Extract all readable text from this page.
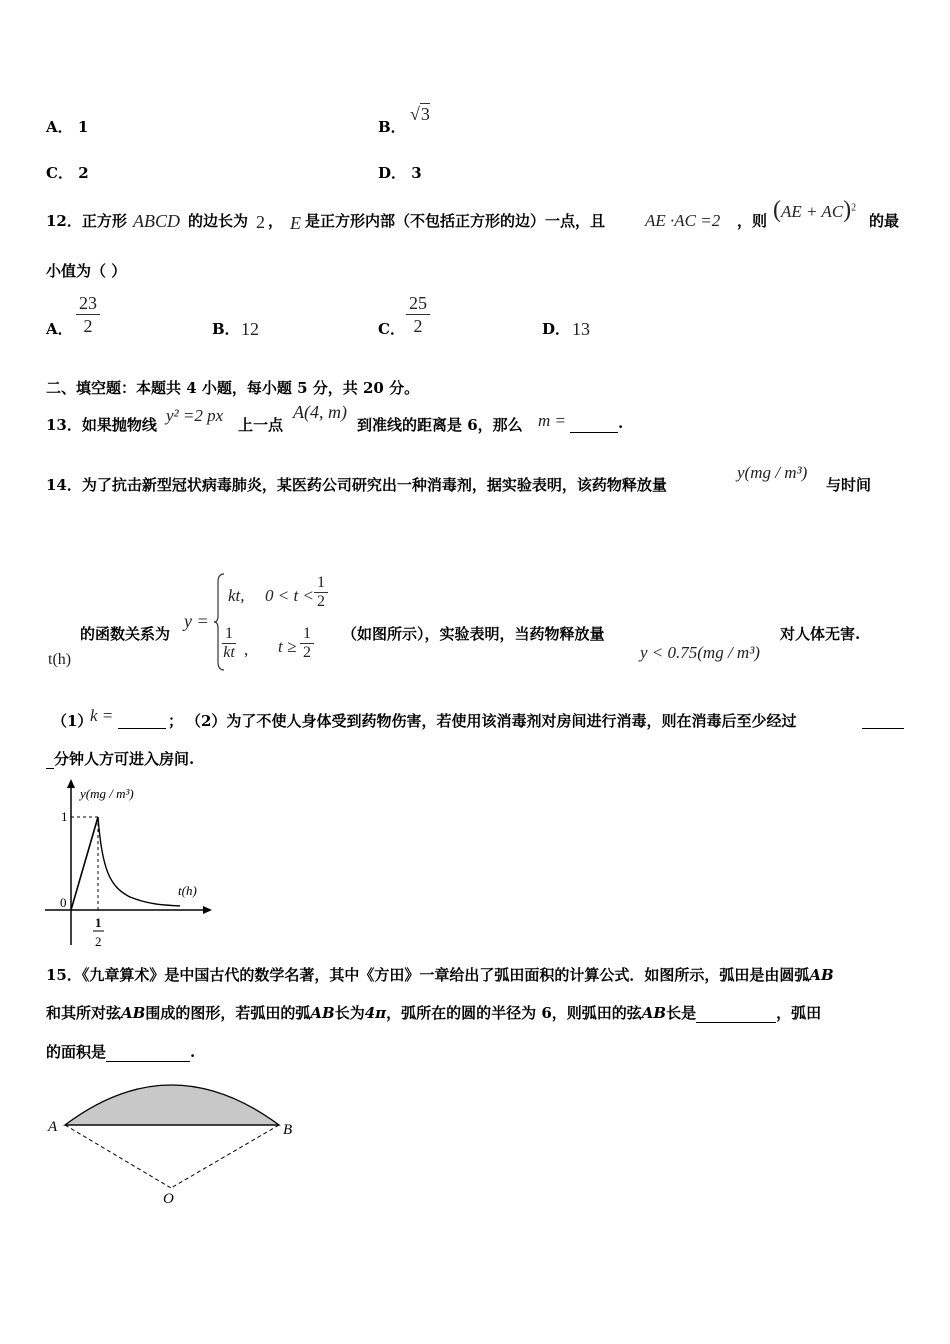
A． 1	B．
√3
C． 2	D． 3
12．正方形 ABCD 的边长为 2 ， E 是正方形内部（不包括正方形的边）一点，且 AE ·AC =2 ，则 (AE + AC)$^2$
的最
小值为（ ）
A． $\frac{23}{2}$	B． 12	C． $\frac{25}{2}$	D． 13
二、填空题：本题共 4 小题，每小题 5 分，共 20 分。
13．如果抛物线 y² =2 px 上一点
A(4, m)
到准线的距离是 6，那么 m =	.
14．为了抗击新型冠状病毒肺炎，某医药公司研究出一种消毒剂，据实验表明，该药物释放量
y(mg / m³)
与时间
的函数关系为
y =
kt, $0 < t < \frac{1}{2}$
$\frac{1}{kt}$ , $t \ge \frac{1}{2}$ （如图所示），实验表明，当药物释放量	对人体无害.
t(h)	y < 0.75(mg / m³)
（1）
k =
	； （2）为了不使人身体受到药物伤害，若使用该消毒剂对房间进行消毒，则在消毒后至少经过

分钟人方可进入房间.
y(mg / m³)
t(h)
1
0
1
2
15．《九章算术》是中国古代的数学名著，其中《方田》一章给出了弧田面积的计算公式．如图所示，弧田是由圆弧AB
和其所对弦AB围成的图形，若弧田的弧AB长为4π，弧所在的圆的半径为 6，则弧田的弦AB长是	，弧田
的面积是	.
A	B
O
